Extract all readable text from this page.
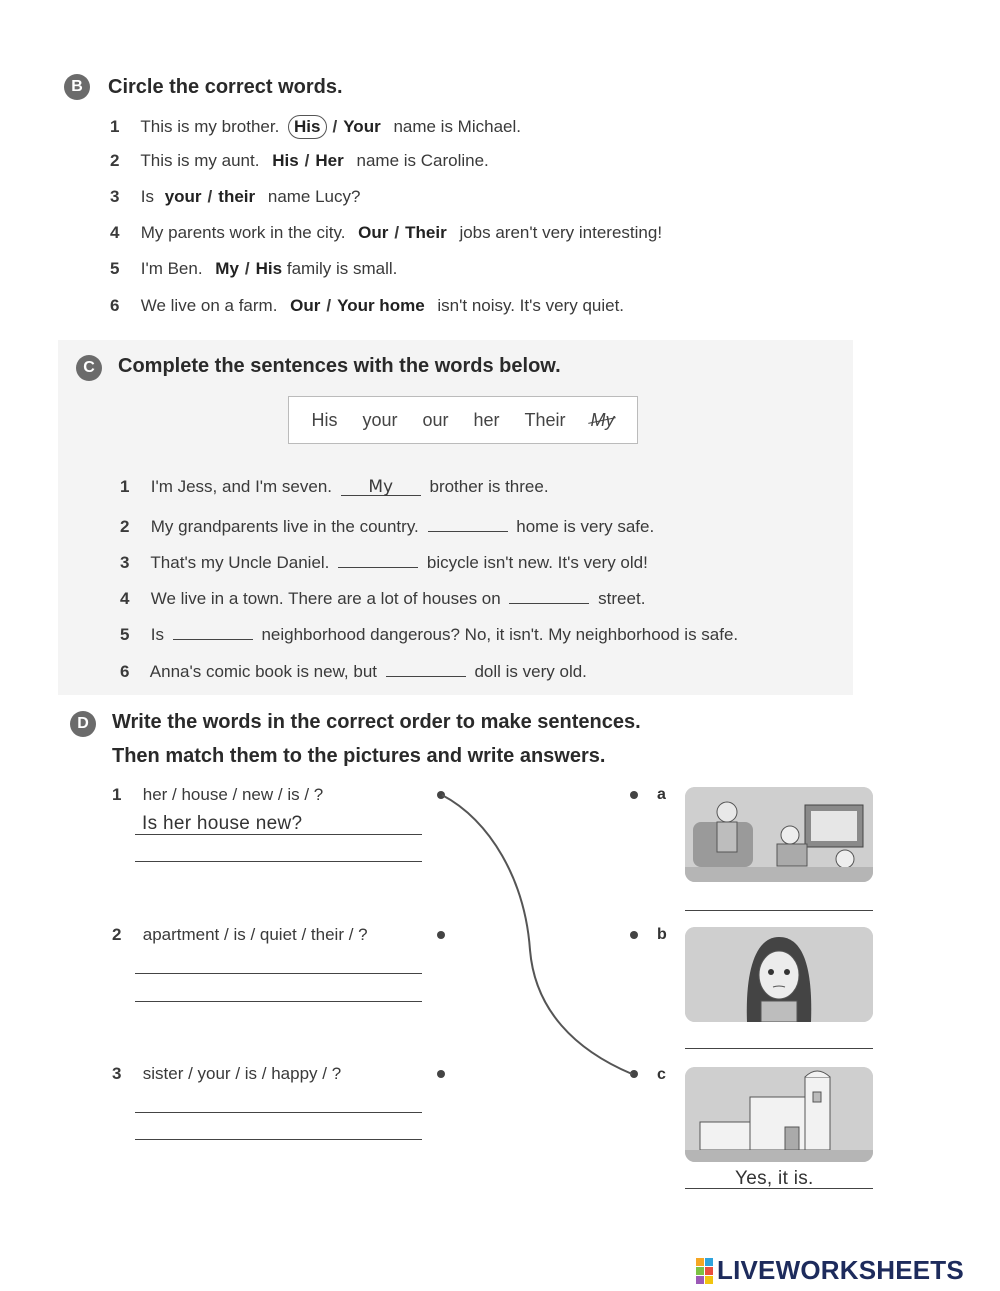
B	Circle the correct words.
1 This is my brother. His / Your name is Michael.
2 This is my aunt. His / Her name is Caroline.
3 Is your / their name Lucy?
4 My parents work in the city. Our / Their jobs aren't very interesting!
5 I'm Ben. My / His family is small.
6 We live on a farm. Our / Your home isn't noisy. It's very quiet.
C	Complete the sentences with the words below.
His your our her Their My
1 I'm Jess, and I'm seven. My brother is three.
2 My grandparents live in the country.	home is very safe.
3 That's my Uncle Daniel.	bicycle isn't new. It's very old!
4 We live in a town. There are a lot of houses on	street.
5 Is	neighborhood dangerous? No, it isn't. My neighborhood is safe.
6 Anna's comic book is new, but	doll is very old.
D	Write the words in the correct order to make sentences.
Then match them to the pictures and write answers.
1 her / house / new / is / ?
Is her house new?
2 apartment / is / quiet / their / ?
3 sister / your / is / happy / ?
a
b
c
Yes, it is.
LIVEWORKSHEETS
